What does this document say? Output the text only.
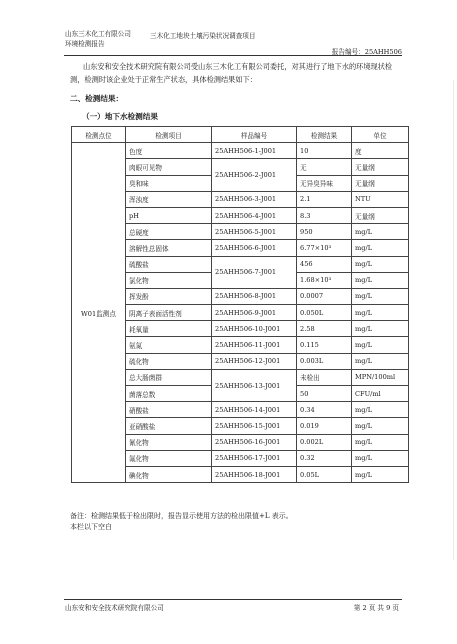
山东三木化工有限公司
环境检测报告
三木化工地块土壤污染状况调查项目
报告编号：25AHH506
山东安和安全技术研究院有限公司受山东三木化工有限公司委托，对其进行了地下水的环境现状检测，检测时该企业处于正常生产状态，具体检测结果如下：
二、检测结果：
（一）地下水检测结果
检测点位	检测项目	样品编号	检测结果	单位
W01监测点	色度	25AHH506-1-J001	10	度
	肉眼可见物	25AHH506-2-J001	无	无量纲
	臭和味		无异臭异味	无量纲
	浑浊度	25AHH506-3-J001	2.1	NTU
	pH	25AHH506-4-J001	8.3	无量纲
	总硬度	25AHH506-5-J001	950	mg/L
	溶解性总固体	25AHH506-6-J001	6.77×10³	mg/L
	硫酸盐	25AHH506-7-J001	456	mg/L
	氯化物		1.68×10³	mg/L
	挥发酚	25AHH506-8-J001	0.0007	mg/L
	阴离子表面活性剂	25AHH506-9-J001	0.050L	mg/L
	耗氧量	25AHH506-10-J001	2.58	mg/L
	氨氮	25AHH506-11-J001	0.115	mg/L
	硫化物	25AHH506-12-J001	0.003L	mg/L
	总大肠菌群	25AHH506-13-J001	未检出	MPN/100ml
	菌落总数		50	CFU/ml
	硝酸盐	25AHH506-14-J001	0.34	mg/L
	亚硝酸盐	25AHH506-15-J001	0.019	mg/L
	氰化物	25AHH506-16-J001	0.002L	mg/L
	氟化物	25AHH506-17-J001	0.32	mg/L
	碘化物	25AHH506-18-J001	0.05L	mg/L
备注：检测结果低于检出限时，报告显示使用方法的检出限值+L 表示。
本栏以下空白
山东安和安全技术研究院有限公司	第 2 页 共 9 页
